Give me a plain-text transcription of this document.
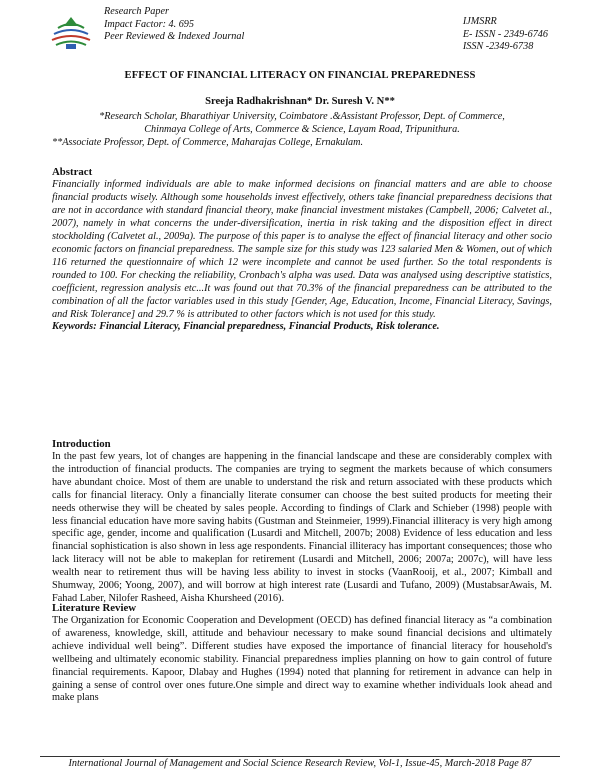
Research Paper
Impact Factor: 4. 695
Peer Reviewed & Indexed Journal
IJMSRR
E- ISSN - 2349-6746
ISSN -2349-6738
EFFECT OF FINANCIAL LITERACY ON FINANCIAL PREPAREDNESS
Sreeja Radhakrishnan* Dr. Suresh V. N**
*Research Scholar, Bharathiyar University, Coimbatore .&Assistant Professor, Dept. of Commerce,
Chinmaya College of Arts, Commerce & Science, Layam Road, Tripunithura.
**Associate Professor, Dept. of Commerce, Maharajas College, Ernakulam.
Abstract
Financially informed individuals are able to make informed decisions on financial matters and are able to choose financial products wisely. Although some households invest effectively, others take financial preparedness decisions that are not in accordance with standard financial theory, make financial investment mistakes (Campbell, 2006; Calvetet al., 2007), namely in what concerns the under-diversification, inertia in risk taking and the disposition effect in direct stockholding (Calvetet al., 2009a). The purpose of this paper is to analyse the effect of financial literacy and other socio economic factors on financial preparedness. The sample size for this study was 123 salaried Men & Women, out of which 116 returned the questionnaire of which 12 were incomplete and cannot be used further. So the total respondents is rounded to 100. For checking the reliability, Cronbach's alpha was used. Data was analysed using descriptive statistics, coefficient, regression analysis etc...It was found out that 70.3% of the financial preparedness can be attributed to the combination of all the factor variables used in this study [Gender, Age, Education, Income, Financial Literacy, Savings, and Risk Tolerance] and 29.7 % is attributed to other factors which is not used for this study.
Keywords: Financial Literacy, Financial preparedness, Financial Products, Risk tolerance.
Introduction
In the past few years, lot of changes are happening in the financial landscape and these are considerably complex with the introduction of financial products. The companies are trying to segment the markets because of which consumers have abundant choice. Most of them are unable to understand the risk and return associated with these products which calls for financial literacy. Only a financially literate consumer can choose the best suited products for meeting their needs otherwise they will be cheated by sales people. According to findings of Clark and Schieber (1998) people with less financial education have more saving habits (Gustman and Steinmeier, 1999).Financial illiteracy is very high among specific age, gender, income and qualification (Lusardi and Mitchell, 2007b; 2008) Evidence of less education and less financial sophistication is also shown in less age respondents. Financial illiteracy has important consequences; those who lack literacy will not be able to makeplan for retirement (Lusardi and Mitchell, 2006; 2007a; 2007c), will have less wealth near to retirement thus will be having less ability to invest in stocks (VaanRooij, et al., 2007; Kimball and Shumway, 2006; Yoong, 2007), and will borrow at high interest rate (Lusardi and Tufano, 2009) (MustabsarAwais, M. Fahad Laber, Nilofer Rasheed, Aisha Khursheed (2016).
Literature Review
The Organization for Economic Cooperation and Development (OECD) has defined financial literacy as “a combination of awareness, knowledge, skill, attitude and behaviour necessary to make sound financial decisions and ultimately achieve individual well being”. Different studies have exposed the importance of financial literacy for household's wellbeing and ultimately economic stability. Financial preparedness implies planning on how to gain control of future financial requirements. Kapoor, Dlabay and Hughes (1994) noted that planning for retirement in advance can help in gaining a sense of control over ones future.One simple and direct way to examine whether individuals look ahead and make plans
International Journal of Management and Social Science Research Review, Vol-1, Issue-45, March-2018 Page 87
